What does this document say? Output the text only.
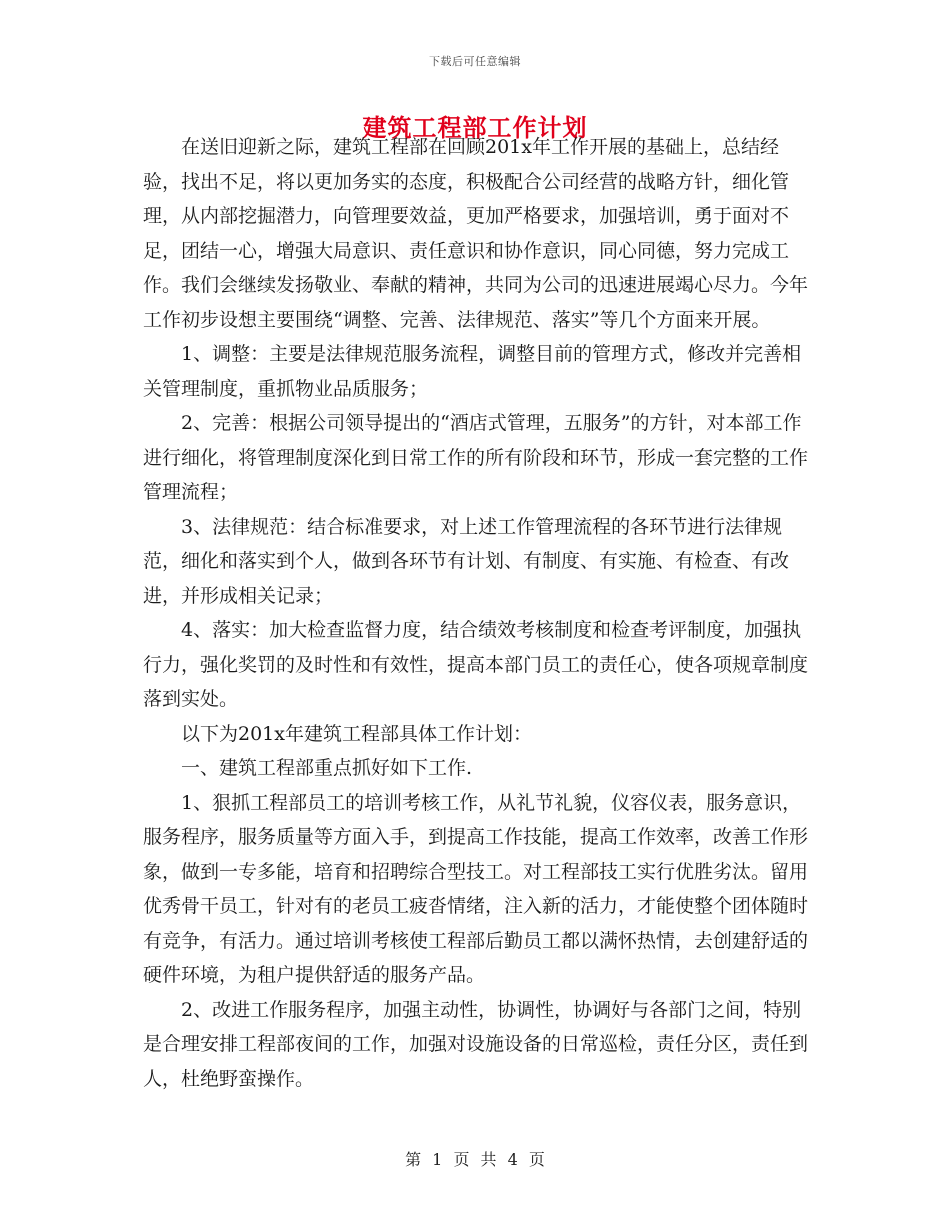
下载后可任意编辑
建筑工程部工作计划

在送旧迎新之际，建筑工程部在回顾201x年工作开展的基础上，总结经验，找出不足，将以更加务实的态度，积极配合公司经营的战略方针，细化管理，从内部挖掘潜力，向管理要效益，更加严格要求，加强培训，勇于面对不足，团结一心，增强大局意识、责任意识和协作意识，同心同德，努力完成工作。我们会继续发扬敬业、奉献的精神，共同为公司的迅速进展竭心尽力。今年工作初步设想主要围绕“调整、完善、法律规范、落实”等几个方面来开展。

1、调整：主要是法律规范服务流程，调整目前的管理方式，修改并完善相关管理制度，重抓物业品质服务；

2、完善：根据公司领导提出的“酒店式管理，五服务”的方针，对本部工作进行细化，将管理制度深化到日常工作的所有阶段和环节，形成一套完整的工作管理流程；

3、法律规范：结合标准要求，对上述工作管理流程的各环节进行法律规范，细化和落实到个人，做到各环节有计划、有制度、有实施、有检查、有改进，并形成相关记录；

4、落实：加大检查监督力度，结合绩效考核制度和检查考评制度，加强执行力，强化奖罚的及时性和有效性，提高本部门员工的责任心，使各项规章制度落到实处。

以下为201x年建筑工程部具体工作计划：

一、建筑工程部重点抓好如下工作.

1、狠抓工程部员工的培训考核工作，从礼节礼貌，仪容仪表，服务意识，服务程序，服务质量等方面入手，到提高工作技能，提高工作效率，改善工作形象，做到一专多能，培育和招聘综合型技工。对工程部技工实行优胜劣汰。留用优秀骨干员工，针对有的老员工疲沓情绪，注入新的活力，才能使整个团体随时有竞争，有活力。通过培训考核使工程部后勤员工都以满怀热情，去创建舒适的硬件环境，为租户提供舒适的服务产品。

2、改进工作服务程序，加强主动性，协调性，协调好与各部门之间，特别是合理安排工程部夜间的工作，加强对设施设备的日常巡检，责任分区，责任到人，杜绝野蛮操作。

第 1 页 共 4 页
